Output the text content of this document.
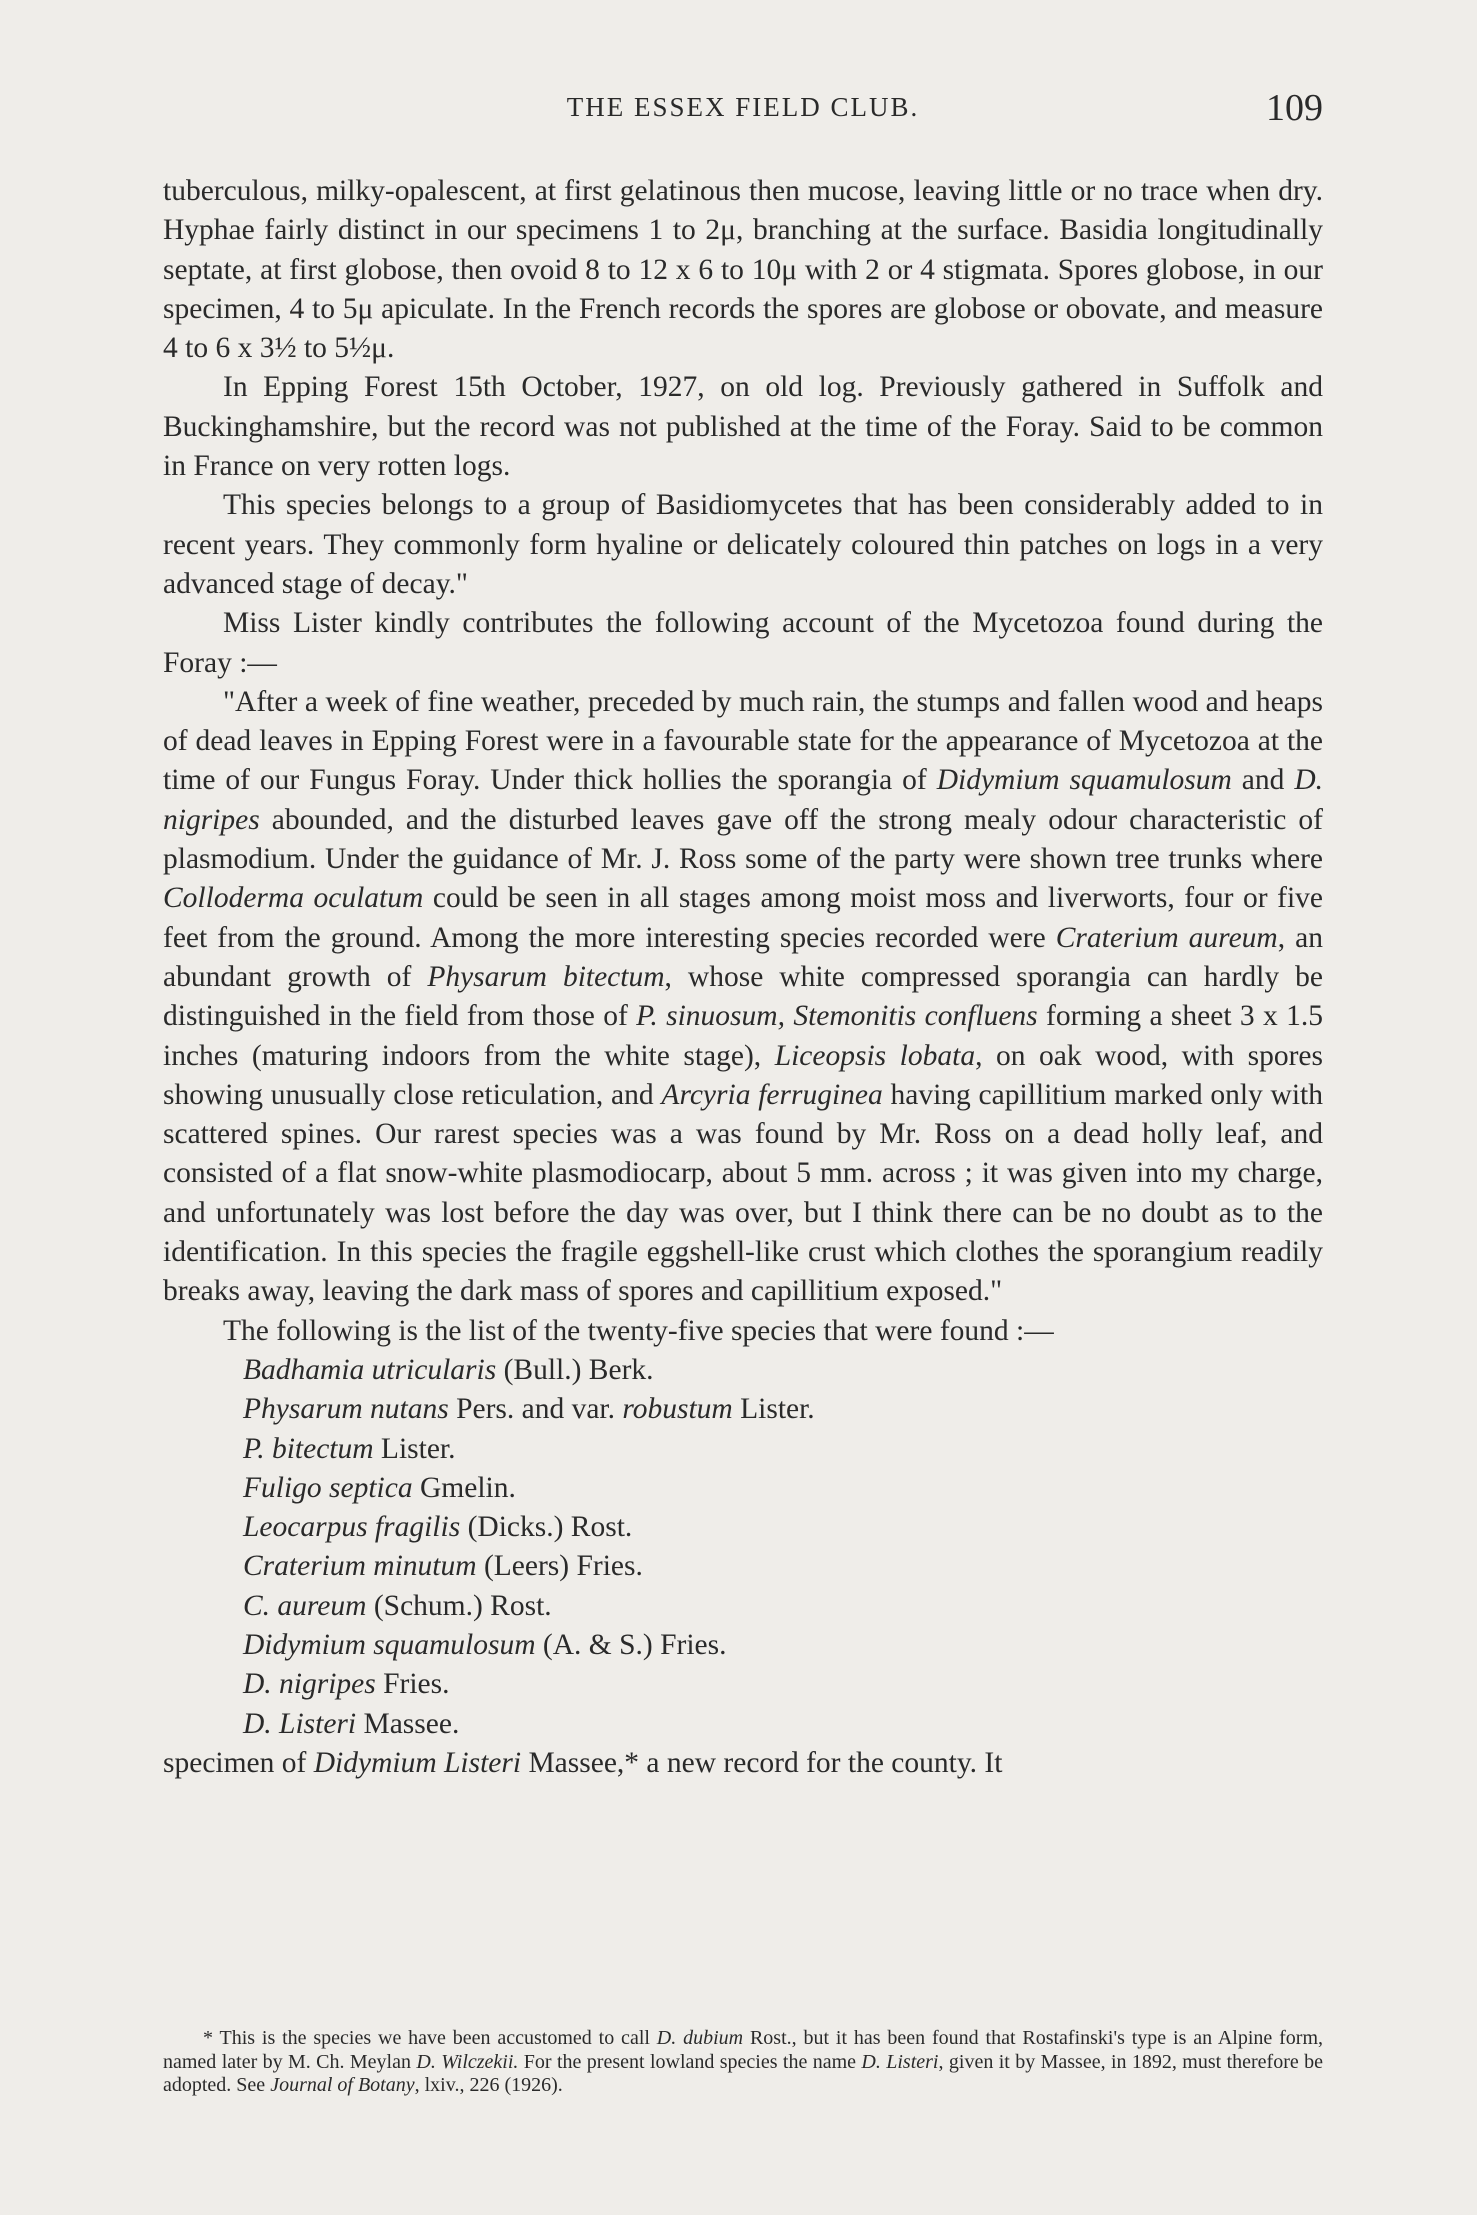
THE ESSEX FIELD CLUB.	109

tuberculous, milky-opalescent, at first gelatinous then mucose, leaving little or no trace when dry. Hyphae fairly distinct in our specimens 1 to 2μ, branching at the surface. Basidia longitudinally septate, at first globose, then ovoid 8 to 12 x 6 to 10μ with 2 or 4 stigmata. Spores globose, in our specimen, 4 to 5μ apiculate. In the French records the spores are globose or obovate, and measure 4 to 6 x 3½ to 5½μ.

In Epping Forest 15th October, 1927, on old log. Previously gathered in Suffolk and Buckinghamshire, but the record was not published at the time of the Foray. Said to be common in France on very rotten logs.

This species belongs to a group of Basidiomycetes that has been considerably added to in recent years. They commonly form hyaline or delicately coloured thin patches on logs in a very advanced stage of decay."

Miss Lister kindly contributes the following account of the Mycetozoa found during the Foray :—

"After a week of fine weather, preceded by much rain, the stumps and fallen wood and heaps of dead leaves in Epping Forest were in a favourable state for the appearance of Mycetozoa at the time of our Fungus Foray. Under thick hollies the sporangia of Didymium squamulosum and D. nigripes abounded, and the disturbed leaves gave off the strong mealy odour characteristic of plasmodium. Under the guidance of Mr. J. Ross some of the party were shown tree trunks where Colloderma oculatum could be seen in all stages among moist moss and liverworts, four or five feet from the ground. Among the more interesting species recorded were Craterium aureum, an abundant growth of Physarum bitectum, whose white compressed sporangia can hardly be distinguished in the field from those of P. sinuosum, Stemonitis confluens forming a sheet 3 x 1.5 inches (maturing indoors from the white stage), Liceopsis lobata, on oak wood, with spores showing unusually close reticulation, and Arcyria ferruginea having capillitium marked only with scattered spines. Our rarest species was a was found by Mr. Ross on a dead holly leaf, and consisted of a flat snow-white plasmodiocarp, about 5 mm. across ; it was given into my charge, and unfortunately was lost before the day was over, but I think there can be no doubt as to the identification. In this species the fragile eggshell-like crust which clothes the sporangium readily breaks away, leaving the dark mass of spores and capillitium exposed."

The following is the list of the twenty-five species that were found :—

Badhamia utricularis (Bull.) Berk.
Physarum nutans Pers. and var. robustum Lister.
P. bitectum Lister.
Fuligo septica Gmelin.
Leocarpus fragilis (Dicks.) Rost.
Craterium minutum (Leers) Fries.
C. aureum (Schum.) Rost.
Didymium squamulosum (A. & S.) Fries.
D. nigripes Fries.
D. Listeri Massee.

specimen of Didymium Listeri Massee,* a new record for the county. It

* This is the species we have been accustomed to call D. dubium Rost., but it has been found that Rostafinski's type is an Alpine form, named later by M. Ch. Meylan D. Wilczekii. For the present lowland species the name D. Listeri, given it by Massee, in 1892, must therefore be adopted. See Journal of Botany, lxiv., 226 (1926).
